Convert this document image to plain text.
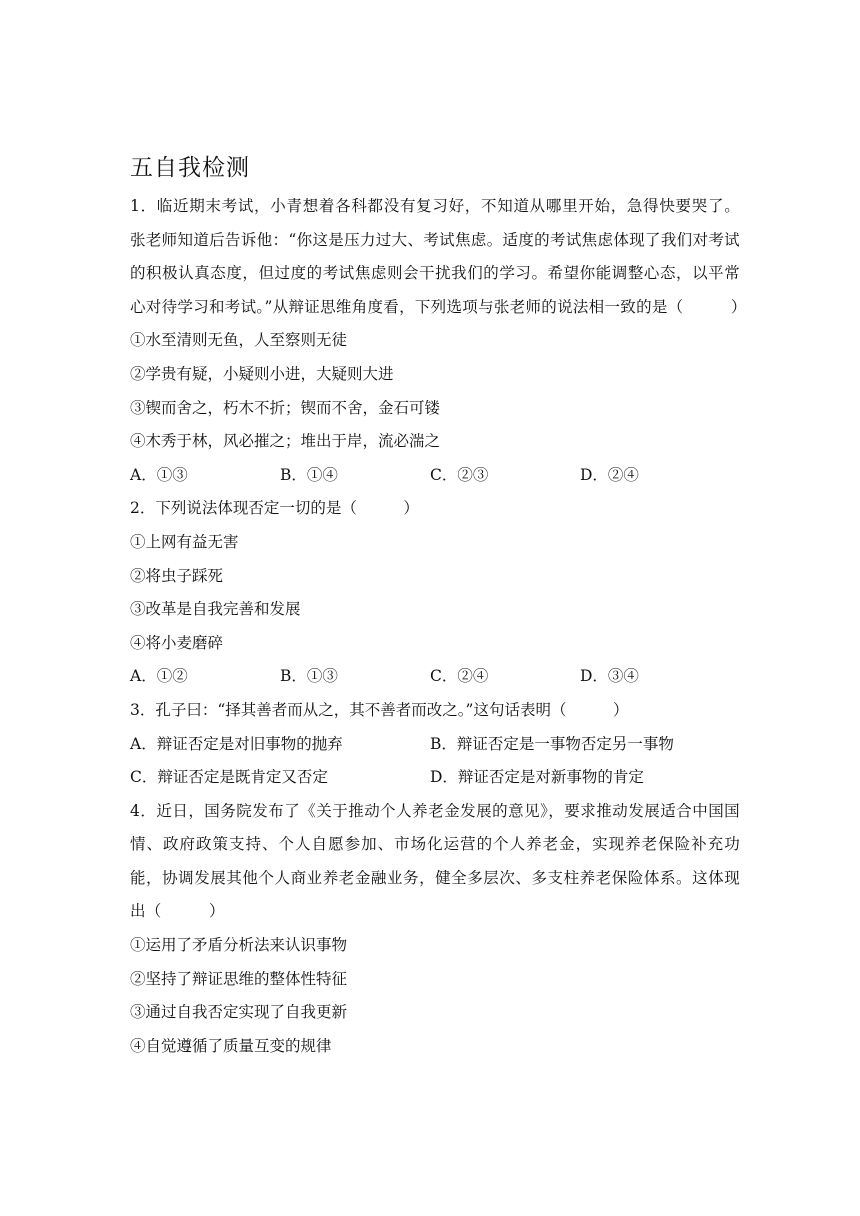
五自我检测

1．临近期末考试，小青想着各科都没有复习好，不知道从哪里开始，急得快要哭了。张老师知道后告诉他：“你这是压力过大、考试焦虑。适度的考试焦虑体现了我们对考试的积极认真态度，但过度的考试焦虑则会干扰我们的学习。希望你能调整心态，以平常心对待学习和考试。”从辩证思维角度看，下列选项与张老师的说法相一致的是（　　　）

①水至清则无鱼，人至察则无徒
②学贵有疑，小疑则小进，大疑则大进
③锲而舍之，朽木不折；锲而不舍，金石可镂
④木秀于林，风必摧之；堆出于岸，流必湍之
A．①③	B．①④	C．②③	D．②④
2．下列说法体现否定一切的是（　　　）
①上网有益无害
②将虫子踩死
③改革是自我完善和发展
④将小麦磨碎
A．①②	B．①③	C．②④	D．③④
3．孔子曰：“择其善者而从之，其不善者而改之。”这句话表明（　　　）
A．辩证否定是对旧事物的抛弃	B．辩证否定是一事物否定另一事物
C．辩证否定是既肯定又否定	D．辩证否定是对新事物的肯定

4．近日，国务院发布了《关于推动个人养老金发展的意见》，要求推动发展适合中国国情、政府政策支持、个人自愿参加、市场化运营的个人养老金，实现养老保险补充功能，协调发展其他个人商业养老金融业务，健全多层次、多支柱养老保险体系。这体现出（　　　）

①运用了矛盾分析法来认识事物
②坚持了辩证思维的整体性特征
③通过自我否定实现了自我更新
④自觉遵循了质量互变的规律
